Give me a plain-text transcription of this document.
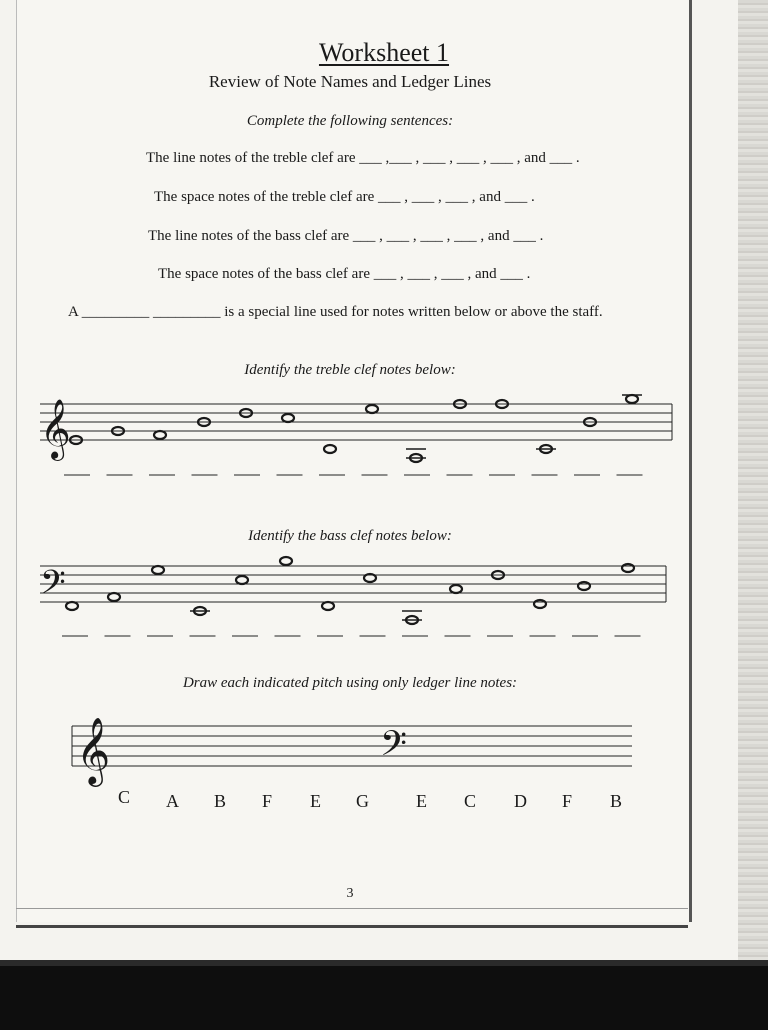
Worksheet 1
Review of Note Names and Ledger Lines
Complete the following sentences:
The line notes of the treble clef are ___ ,___ , ___ , ___ , ___ , and ___ .
The space notes of the treble clef are ___ , ___ , ___ , and ___ .
The line notes of the bass clef are ___ , ___ , ___ , ___ , and ___ .
The space notes of the bass clef are ___ , ___ , ___ , and ___ .
A _________ _________ is a special line used for notes written below or above the staff.
Identify the treble clef notes below:
Identify the bass clef notes below:
Draw each indicated pitch using only ledger line notes:
𝄞
𝄢
𝄞	𝄢
C A B F E G	E C D F B
3
